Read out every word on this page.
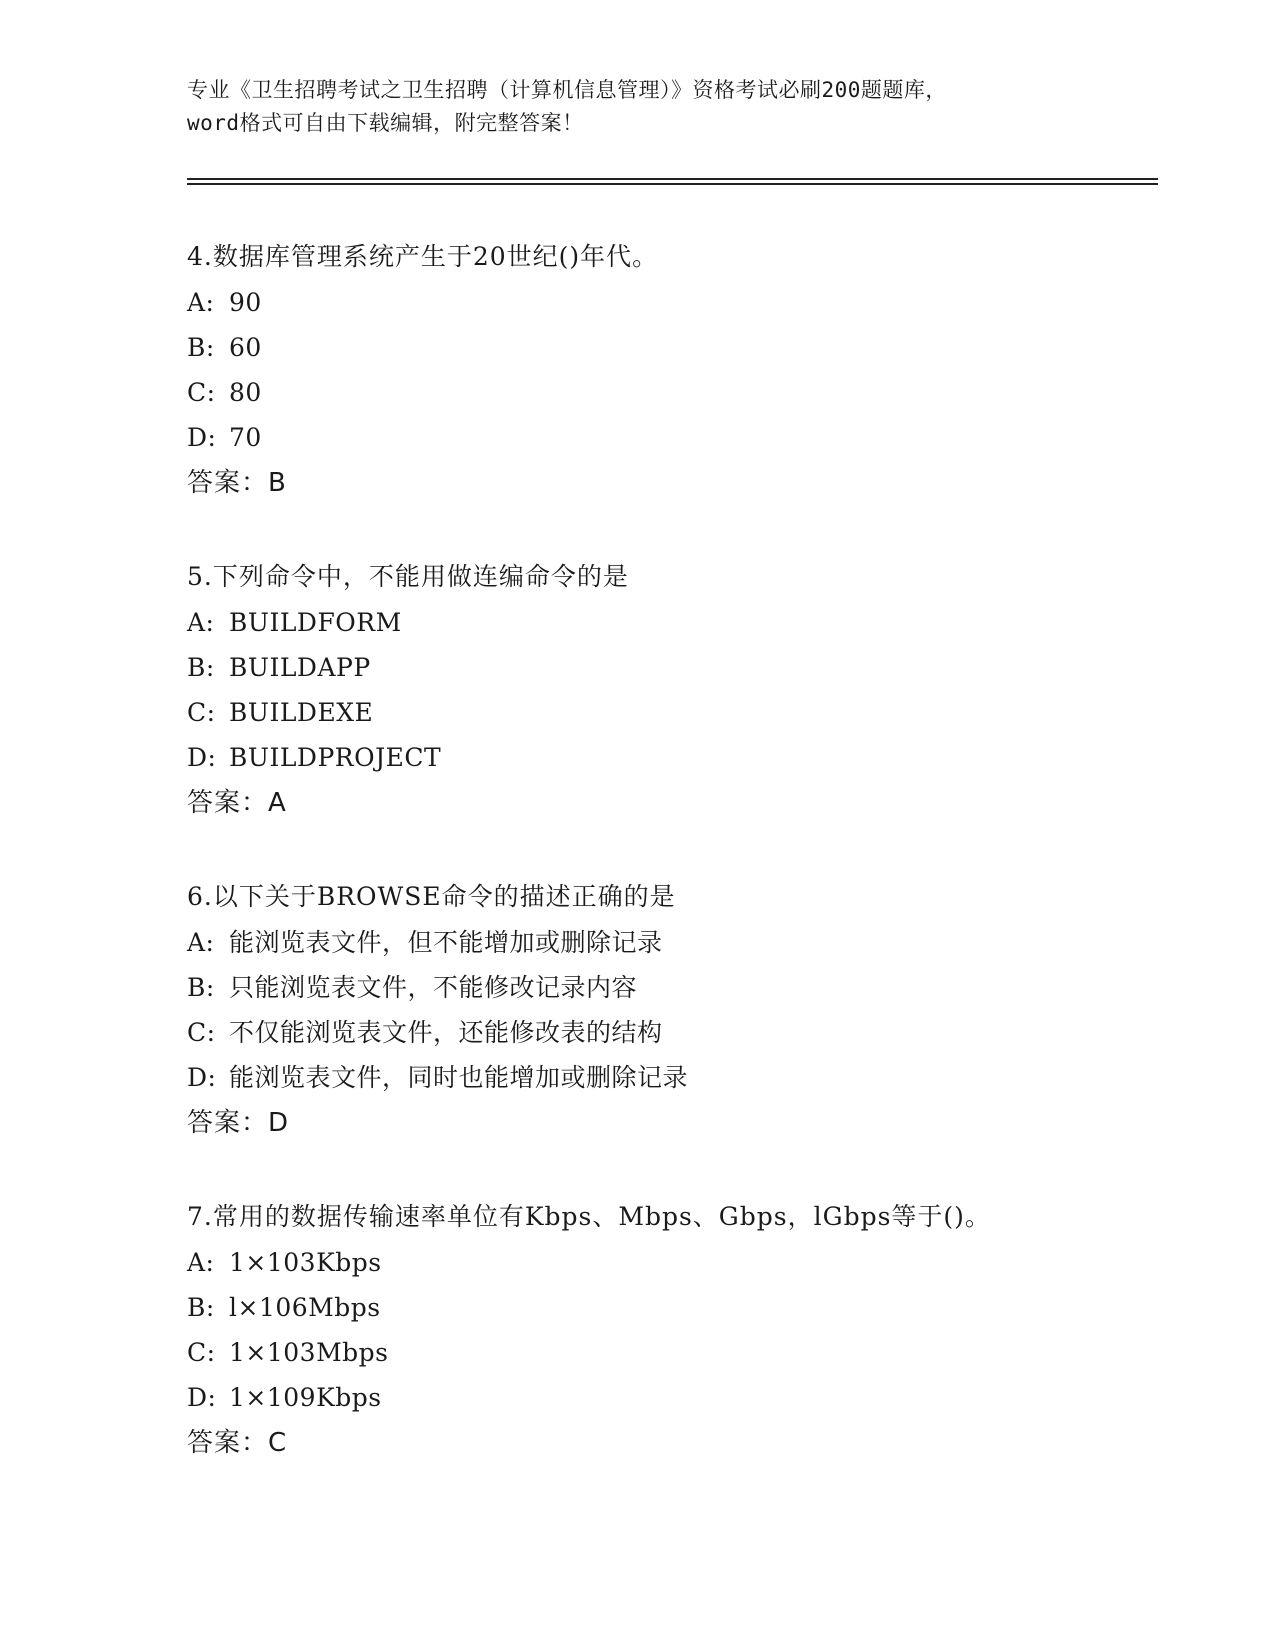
专业《卫生招聘考试之卫生招聘（计算机信息管理）》资格考试必刷200题题库，
word格式可自由下载编辑，附完整答案！
4.数据库管理系统产生于20世纪()年代。
A: 90
B: 60
C: 80
D: 70
答案：B
5.下列命令中，不能用做连编命令的是
A: BUILDFORM
B: BUILDAPP
C: BUILDEXE
D: BUILDPROJECT
答案：A
6.以下关于BROWSE命令的描述正确的是
A: 能浏览表文件，但不能增加或删除记录
B: 只能浏览表文件，不能修改记录内容
C: 不仅能浏览表文件，还能修改表的结构
D: 能浏览表文件，同时也能增加或删除记录
答案：D
7.常用的数据传输速率单位有Kbps、Mbps、Gbps，lGbps等于()。
A: 1×103Kbps
B: l×106Mbps
C: 1×103Mbps
D: 1×109Kbps
答案：C
